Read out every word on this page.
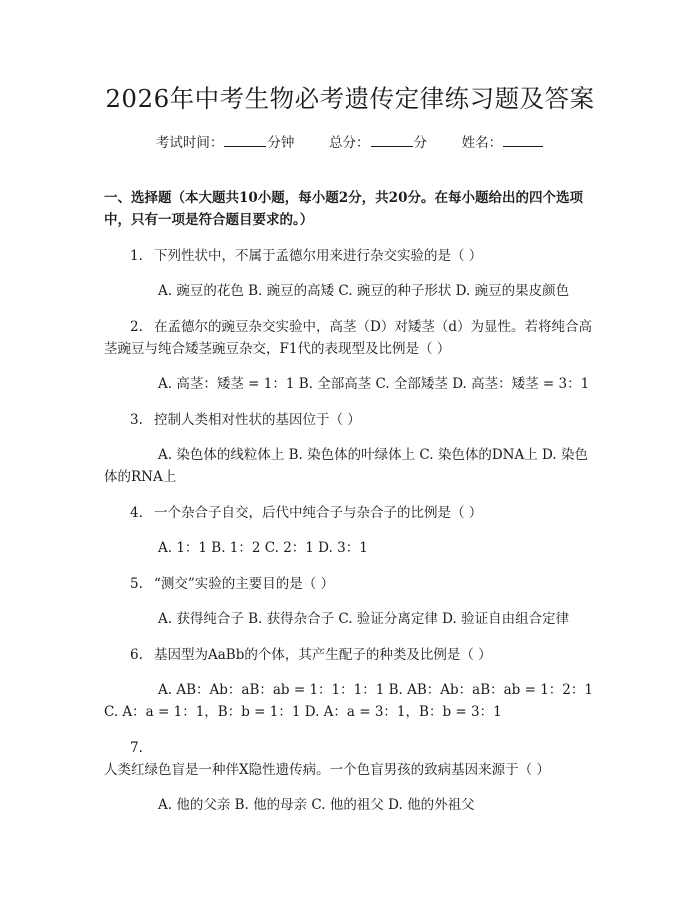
2026年中考生物必考遗传定律练习题及答案
考试时间：	分钟	总分：	分	姓名：
一、选择题（本大题共10小题，每小题2分，共20分。在每小题给出的四个选项中，只有一项是符合题目要求的。）
1. 下列性状中，不属于孟德尔用来进行杂交实验的是（ ）
A. 豌豆的花色 B. 豌豆的高矮 C. 豌豆的种子形状 D. 豌豆的果皮颜色
2. 在孟德尔的豌豆杂交实验中，高茎（D）对矮茎（d）为显性。若将纯合高茎豌豆与纯合矮茎豌豆杂交，F1代的表现型及比例是（ ）
A. 高茎：矮茎 = 1：1 B. 全部高茎 C. 全部矮茎 D. 高茎：矮茎 = 3：1
3. 控制人类相对性状的基因位于（ ）
A. 染色体的线粒体上 B. 染色体的叶绿体上 C. 染色体的DNA上 D. 染色体的RNA上
4. 一个杂合子自交，后代中纯合子与杂合子的比例是（ ）
A. 1：1 B. 1：2 C. 2：1 D. 3：1
5. “测交”实验的主要目的是（ ）
A. 获得纯合子 B. 获得杂合子 C. 验证分离定律 D. 验证自由组合定律
6. 基因型为AaBb的个体，其产生配子的种类及比例是（ ）
A. AB：Ab：aB：ab = 1：1：1：1 B. AB：Ab：aB：ab = 1：2：1 C. A：a = 1：1，B：b = 1：1 D. A：a = 3：1，B：b = 3：1
7.人类红绿色盲是一种伴X隐性遗传病。一个色盲男孩的致病基因来源于（ ）
A. 他的父亲 B. 他的母亲 C. 他的祖父 D. 他的外祖父
